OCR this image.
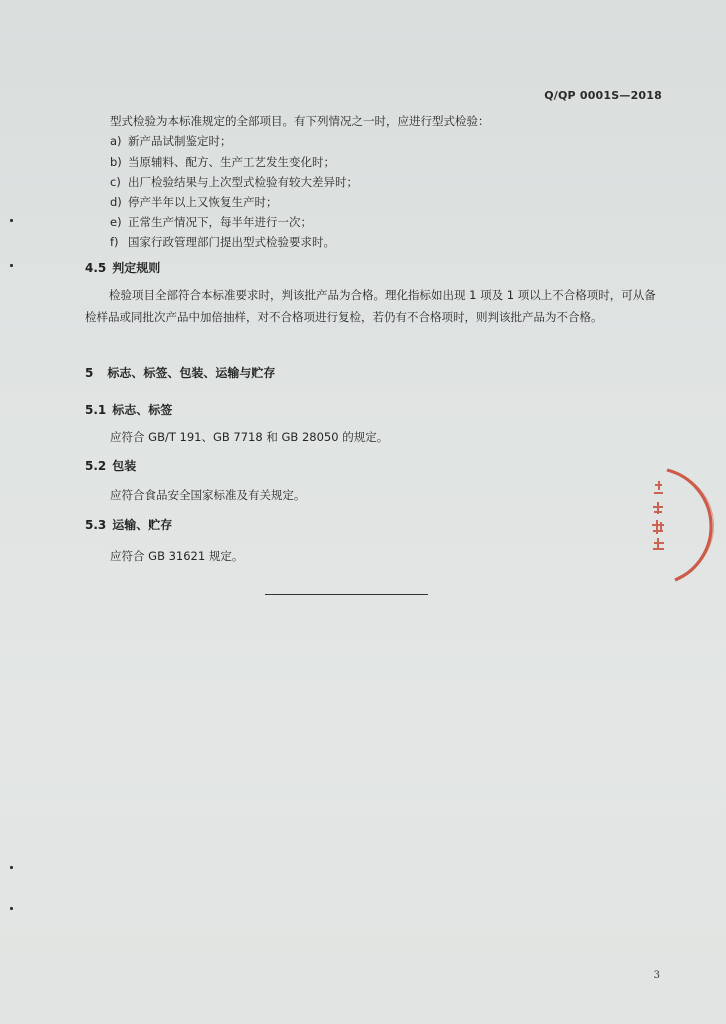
Q/QP 0001S—2018
型式检验为本标准规定的全部项目。有下列情况之一时，应进行型式检验：
a) 新产品试制鉴定时；
b) 当原辅料、配方、生产工艺发生变化时；
c) 出厂检验结果与上次型式检验有较大差异时；
d) 停产半年以上又恢复生产时；
e) 正常生产情况下，每半年进行一次；
f) 国家行政管理部门提出型式检验要求时。
4.5 判定规则
检验项目全部符合本标准要求时，判该批产品为合格。理化指标如出现 1 项及 1 项以上不合格项时，可从备检样品或同批次产品中加倍抽样，对不合格项进行复检，若仍有不合格项时，则判该批产品为不合格。
5 标志、标签、包装、运输与贮存
5.1 标志、标签
应符合 GB/T 191、GB 7718 和 GB 28050 的规定。
5.2 包装
应符合食品安全国家标准及有关规定。
5.3 运输、贮存
应符合 GB 31621 规定。
3
